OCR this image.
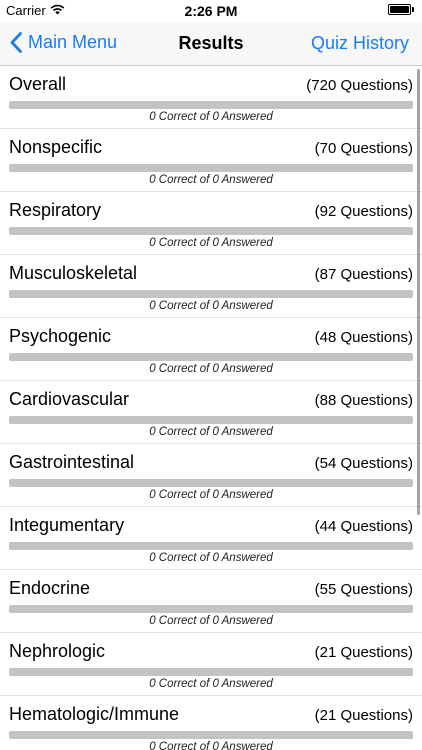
Carrier	2:26 PM
Main Menu	Results	Quiz History
Overall	(720 Questions)
0 Correct of 0 Answered
Nonspecific	(70 Questions)
0 Correct of 0 Answered
Respiratory	(92 Questions)
0 Correct of 0 Answered
Musculoskeletal	(87 Questions)
0 Correct of 0 Answered
Psychogenic	(48 Questions)
0 Correct of 0 Answered
Cardiovascular	(88 Questions)
0 Correct of 0 Answered
Gastrointestinal	(54 Questions)
0 Correct of 0 Answered
Integumentary	(44 Questions)
0 Correct of 0 Answered
Endocrine	(55 Questions)
0 Correct of 0 Answered
Nephrologic	(21 Questions)
0 Correct of 0 Answered
Hematologic/Immune	(21 Questions)
0 Correct of 0 Answered
